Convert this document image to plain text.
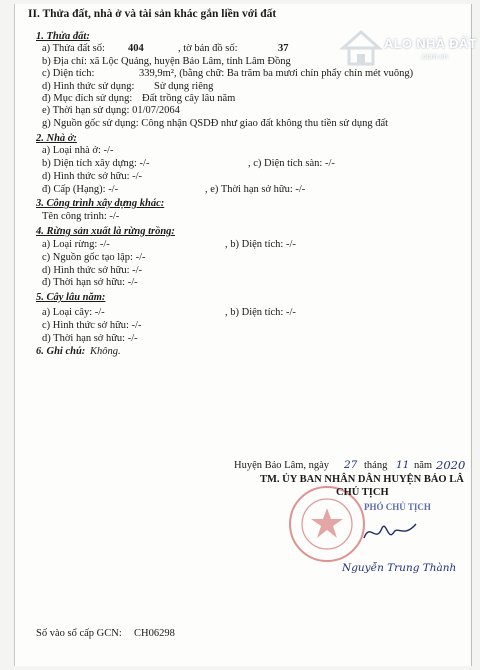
ALO NHÀ ĐẤT
.com.vn
II. Thửa đất, nhà ở và tài sản khác gắn liền với đất
1. Thửa đất:
a) Thửa đất số: 404	, tờ bản đồ số:	37
b) Địa chỉ: xã Lộc Quảng, huyện Bảo Lâm, tỉnh Lâm Đồng
c) Diện tích:	339,9m², (bằng chữ: Ba trăm ba mươi chín phẩy chín mét vuông)
d) Hình thức sử dụng: Sử dụng riêng
đ) Mục đích sử dụng: Đất trồng cây lâu năm
e) Thời hạn sử dụng: 01/07/2064
g) Nguồn gốc sử dụng: Công nhận QSDĐ như giao đất không thu tiền sử dụng đất
2. Nhà ở:
a) Loại nhà ở: -/-
b) Diện tích xây dựng: -/-	, c) Diện tích sàn: -/-
d) Hình thức sở hữu: -/-
đ) Cấp (Hạng): -/-	, e) Thời hạn sở hữu: -/-
3. Công trình xây dựng khác:
Tên công trình: -/-
4. Rừng sản xuất là rừng trồng:
a) Loại rừng: -/-	, b) Diện tích: -/-
c) Nguồn gốc tạo lập: -/-
d) Hình thức sở hữu: -/-
đ) Thời hạn sở hữu: -/-
5. Cây lâu năm:
a) Loại cây: -/-	, b) Diện tích: -/-
c) Hình thức sở hữu: -/-
d) Thời hạn sở hữu: -/-
6. Ghi chú: Không.
Huyện Bảo Lâm, ngày 27 tháng 11 năm 2020
TM. ỦY BAN NHÂN DÂN HUYỆN BẢO LÂ
CHỦ TỊCH
PHÓ CHỦ TỊCH
Nguyễn Trung Thành
Số vào sổ cấp GCN: CH06298
